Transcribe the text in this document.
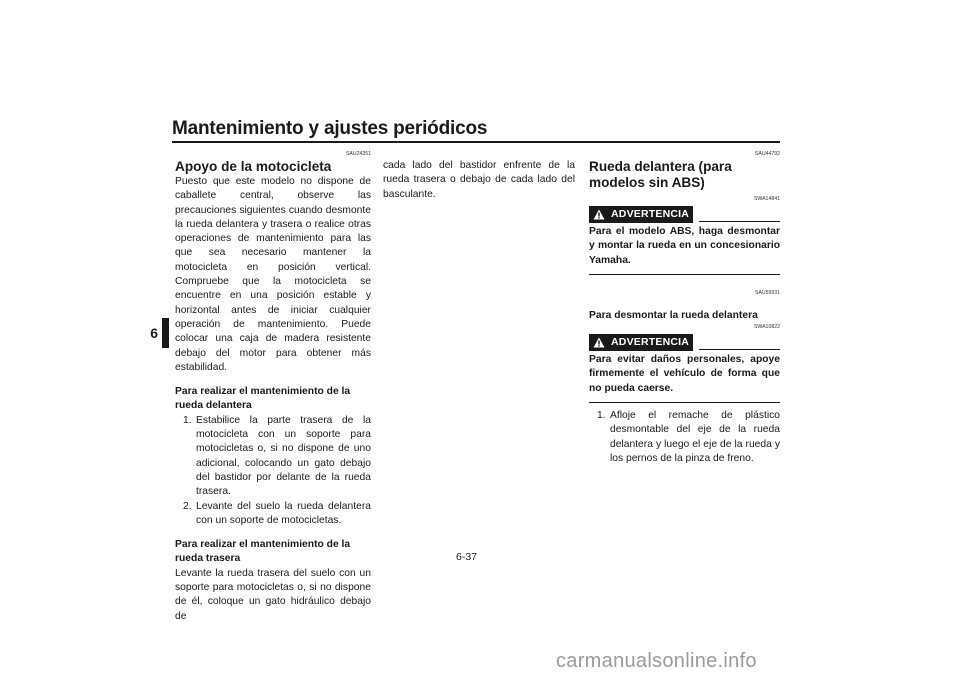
Mantenimiento y ajustes periódicos
6
SAU24351
Apoyo de la motocicleta

Puesto que este modelo no dispone de caballete central, observe las precauciones siguientes cuando desmonte la rueda delantera y trasera o realice otras operaciones de mantenimiento para las que sea necesario mantener la motocicleta en posición vertical. Compruebe que la motocicleta se encuentre en una posición estable y horizontal antes de iniciar cualquier operación de mantenimiento. Puede colocar una caja de madera resistente debajo del motor para obtener más estabilidad.

Para realizar el mantenimiento de la rueda delantera
1. Estabilice la parte trasera de la motocicleta con un soporte para motocicletas o, si no dispone de uno adicional, colocando un gato debajo del bastidor por delante de la rueda trasera.
2. Levante del suelo la rueda delantera con un soporte de motocicletas.
Para realizar el mantenimiento de la rueda trasera

Levante la rueda trasera del suelo con un soporte para motocicletas o, si no dispone de él, coloque un gato hidráulico debajo de

cada lado del bastidor enfrente de la rueda trasera o debajo de cada lado del basculante.

SAU44792
Rueda delantera (para modelos sin ABS)
SWA14841
ADVERTENCIA
Para el modelo ABS, haga desmontar y montar la rueda en un concesionario Yamaha.
SAU59931
Para desmontar la rueda delantera
SWA10822
ADVERTENCIA
Para evitar daños personales, apoye firmemente el vehículo de forma que no pueda caerse.
1. Afloje el remache de plástico desmontable del eje de la rueda delantera y luego el eje de la rueda y los pernos de la pinza de freno.
6-37
carmanualsonline.info
